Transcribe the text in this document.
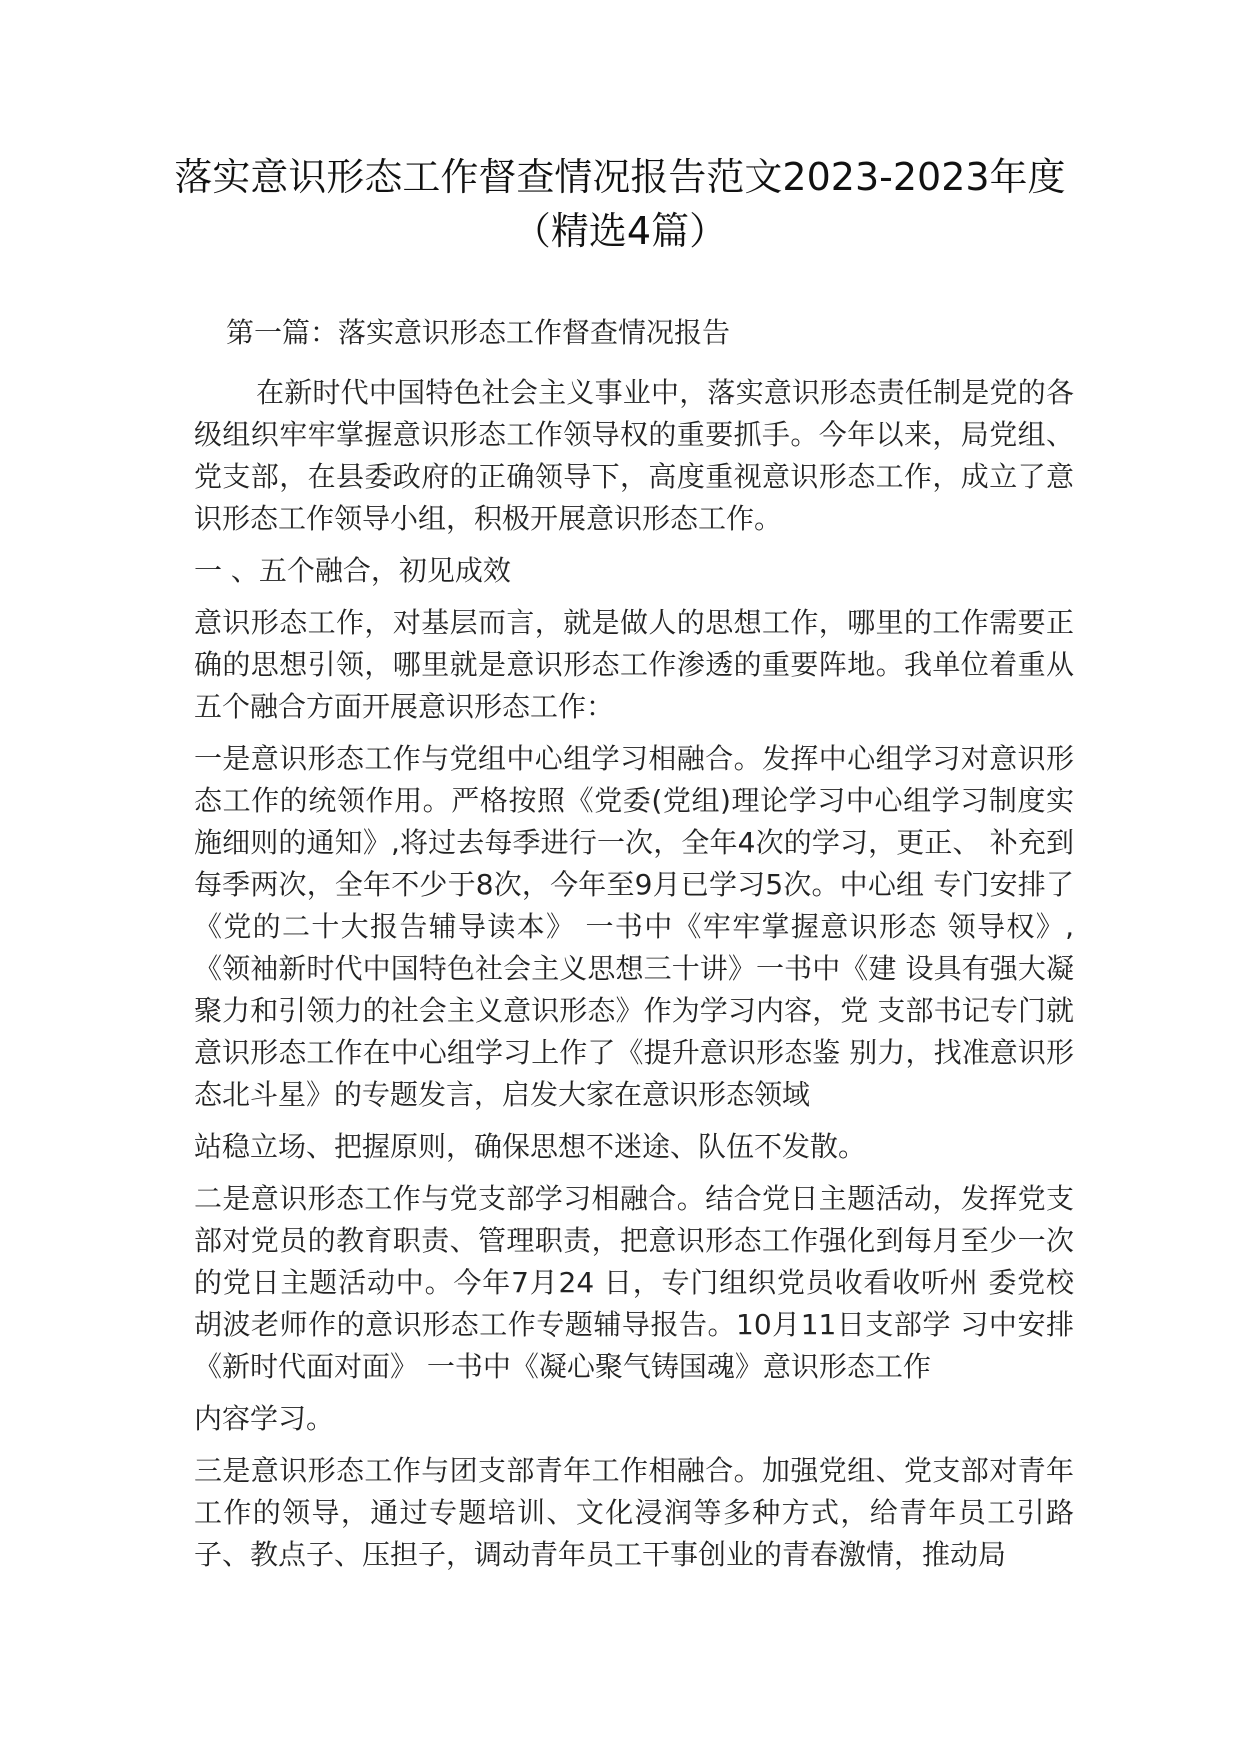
落实意识形态工作督查情况报告范文2023-2023年度（精选4篇）

第一篇：落实意识形态工作督查情况报告

在新时代中国特色社会主义事业中，落实意识形态责任制是党的各级组织牢牢掌握意识形态工作领导权的重要抓手。今年以来，局党组、党支部，在县委政府的正确领导下，高度重视意识形态工作，成立了意识形态工作领导小组，积极开展意识形态工作。

一 、五个融合，初见成效

意识形态工作，对基层而言，就是做人的思想工作，哪里的工作需要正确的思想引领，哪里就是意识形态工作渗透的重要阵地。我单位着重从五个融合方面开展意识形态工作：

一是意识形态工作与党组中心组学习相融合。发挥中心组学习对意识形态工作的统领作用。严格按照《党委(党组)理论学习中心组学习制度实施细则的通知》,将过去每季进行一次，全年4次的学习，更正、 补充到每季两次，全年不少于8次，今年至9月已学习5次。中心组 专门安排了《党的二十大报告辅导读本》 一书中《牢牢掌握意识形态 领导权》,《领袖新时代中国特色社会主义思想三十讲》一书中《建 设具有强大凝聚力和引领力的社会主义意识形态》作为学习内容，党 支部书记专门就意识形态工作在中心组学习上作了《提升意识形态鉴 别力，找准意识形态北斗星》的专题发言，启发大家在意识形态领域

站稳立场、把握原则，确保思想不迷途、队伍不发散。

二是意识形态工作与党支部学习相融合。结合党日主题活动，发挥党支部对党员的教育职责、管理职责，把意识形态工作强化到每月至少一次的党日主题活动中。今年7月24 日，专门组织党员收看收听州 委党校胡波老师作的意识形态工作专题辅导报告。10月11日支部学 习中安排《新时代面对面》 一书中《凝心聚气铸国魂》意识形态工作

内容学习。

三是意识形态工作与团支部青年工作相融合。加强党组、党支部对青年工作的领导，通过专题培训、文化浸润等多种方式，给青年员工引路子、教点子、压担子，调动青年员工干事创业的青春激情，推动局
